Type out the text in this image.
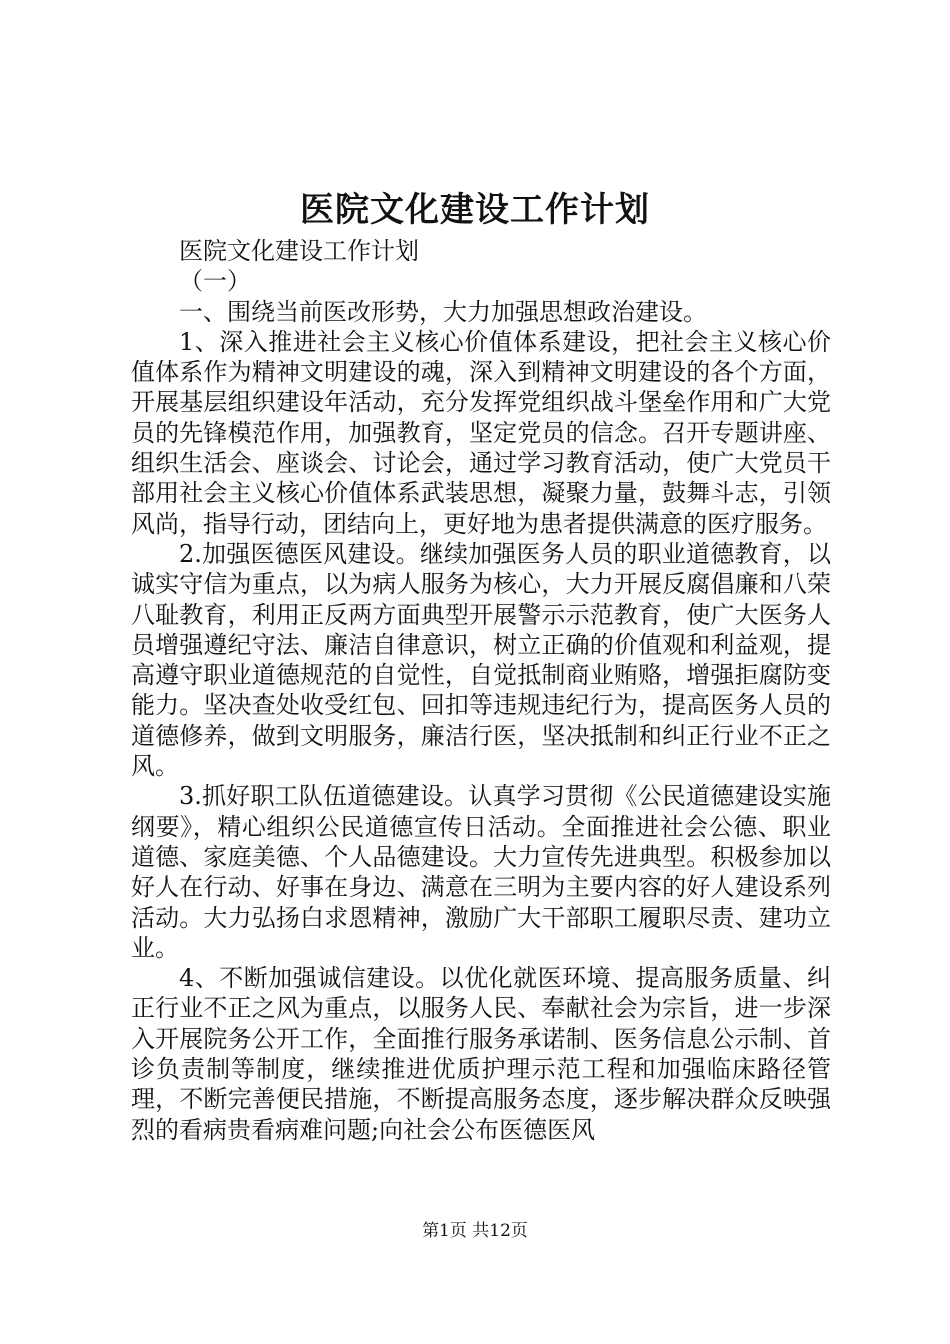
医院文化建设工作计划

医院文化建设工作计划

（一）

一、围绕当前医改形势，大力加强思想政治建设。

1、深入推进社会主义核心价值体系建设，把社会主义核心价值体系作为精神文明建设的魂，深入到精神文明建设的各个方面，开展基层组织建设年活动，充分发挥党组织战斗堡垒作用和广大党员的先锋模范作用，加强教育，坚定党员的信念。召开专题讲座、组织生活会、座谈会、讨论会，通过学习教育活动，使广大党员干部用社会主义核心价值体系武装思想，凝聚力量，鼓舞斗志，引领风尚，指导行动，团结向上，更好地为患者提供满意的医疗服务。

2.加强医德医风建设。继续加强医务人员的职业道德教育，以诚实守信为重点，以为病人服务为核心，大力开展反腐倡廉和八荣八耻教育，利用正反两方面典型开展警示示范教育，使广大医务人员增强遵纪守法、廉洁自律意识，树立正确的价值观和利益观，提高遵守职业道德规范的自觉性，自觉抵制商业贿赂，增强拒腐防变能力。坚决查处收受红包、回扣等违规违纪行为，提高医务人员的道德修养，做到文明服务，廉洁行医，坚决抵制和纠正行业不正之风。

3.抓好职工队伍道德建设。认真学习贯彻《公民道德建设实施纲要》，精心组织公民道德宣传日活动。全面推进社会公德、职业道德、家庭美德、个人品德建设。大力宣传先进典型。积极参加以好人在行动、好事在身边、满意在三明为主要内容的好人建设系列活动。大力弘扬白求恩精神，激励广大干部职工履职尽责、建功立业。

4、不断加强诚信建设。以优化就医环境、提高服务质量、纠正行业不正之风为重点，以服务人民、奉献社会为宗旨，进一步深入开展院务公开工作，全面推行服务承诺制、医务信息公示制、首诊负责制等制度，继续推进优质护理示范工程和加强临床路径管理，不断完善便民措施，不断提高服务态度，逐步解决群众反映强烈的看病贵看病难问题;向社会公布医德医风

第1页 共12页
